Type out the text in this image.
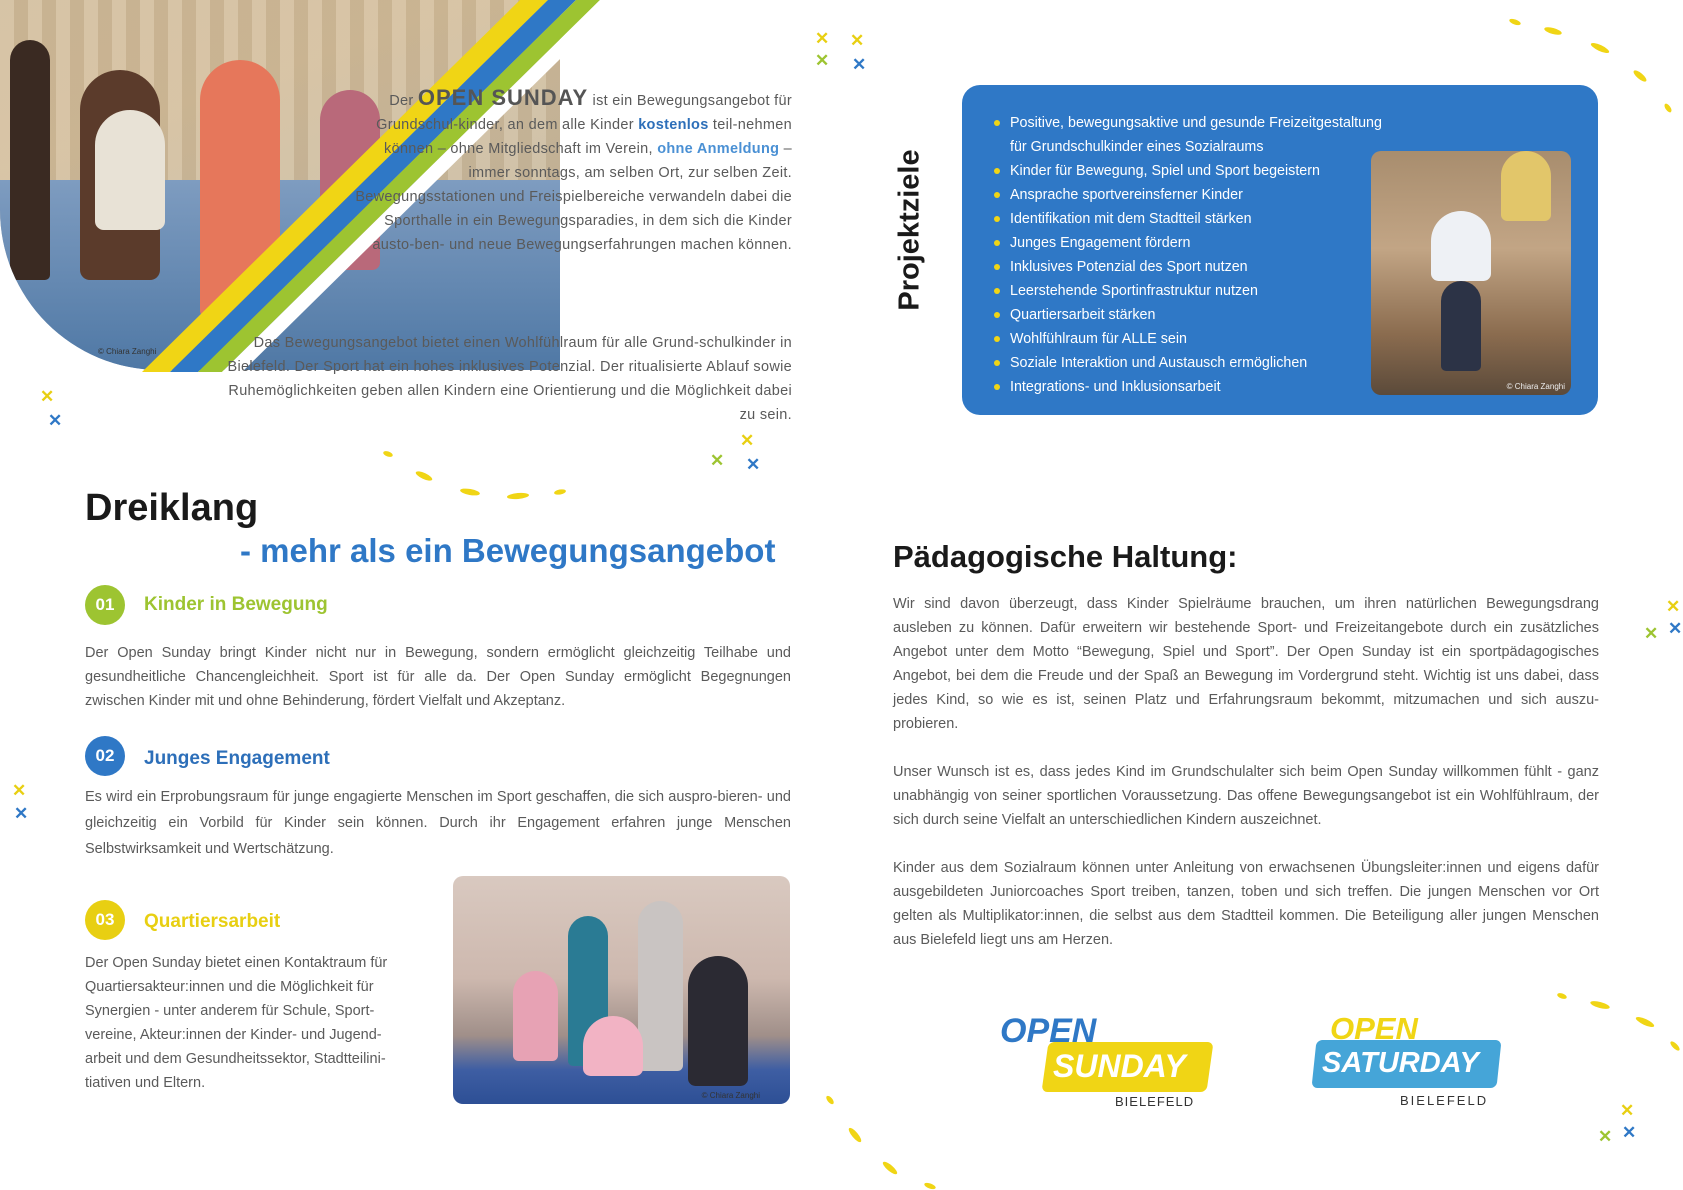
© Chiara Zanghi
Der OPEN SUNDAY ist ein Bewegungsangebot für Grundschul-kinder, an dem alle Kinder kostenlos teil-nehmen können – ohne Mitgliedschaft im Verein, ohne Anmeldung – immer sonntags, am selben Ort, zur selben Zeit. Bewegungsstationen und Freispielbereiche verwandeln dabei die Sporthalle in ein Bewegungsparadies, in dem sich die Kinder austo-ben- und neue Bewegungserfahrungen machen können.
Das Bewegungsangebot bietet einen Wohlfühlraum für alle Grund-schulkinder in Bielefeld. Der Sport hat ein hohes inklusives Potenzial. Der ritualisierte Ablauf sowie Ruhemöglichkeiten geben allen Kindern eine Orientierung und die Möglichkeit dabei zu sein.
Dreiklang
- mehr als ein Bewegungsangebot
01	Kinder in Bewegung
Der Open Sunday bringt Kinder nicht nur in Bewegung, sondern ermöglicht gleichzeitig Teilhabe und gesundheitliche Chancengleichheit. Sport ist für alle da. Der Open Sunday ermöglicht Begegnungen zwischen Kinder mit und ohne Behinderung, fördert Vielfalt und Akzeptanz.
02	Junges Engagement
Es wird ein Erprobungsraum für junge engagierte Menschen im Sport geschaffen, die sich auspro-bieren- und gleichzeitig ein Vorbild für Kinder sein können. Durch ihr Engagement erfahren junge Menschen Selbstwirksamkeit und Wertschätzung.
03	Quartiersarbeit
Der Open Sunday bietet einen Kontaktraum für Quartiersakteur:innen und die Möglichkeit für Synergien - unter anderem für Schule, Sport-vereine, Akteur:innen der Kinder- und Jugend-arbeit und dem Gesundheitssektor, Stadtteilini-tiativen und Eltern.
© Chiara Zanghi
Projektziele
Positive, bewegungsaktive und gesunde Freizeitgestaltung für Grundschulkinder eines Sozialraums
Kinder für Bewegung, Spiel und Sport begeistern
Ansprache sportvereinsferner Kinder
Identifikation mit dem Stadtteil stärken
Junges Engagement fördern
Inklusives Potenzial des Sport nutzen
Leerstehende Sportinfrastruktur nutzen
Quartiersarbeit stärken
Wohlfühlraum für ALLE sein
Soziale Interaktion und Austausch ermöglichen
Integrations- und Inklusionsarbeit	© Chiara Zanghi
Pädagogische Haltung:
Wir sind davon überzeugt, dass Kinder Spielräume brauchen, um ihren natürlichen Bewegungsdrang ausleben zu können. Dafür erweitern wir bestehende Sport- und Freizeitangebote durch ein zusätzliches Angebot unter dem Motto “Bewegung, Spiel und Sport”. Der Open Sunday ist ein sportpädagogisches Angebot, bei dem die Freude und der Spaß an Bewegung im Vordergrund steht. Wichtig ist uns dabei, dass jedes Kind, so wie es ist, seinen Platz und Erfahrungsraum bekommt, mitzumachen und sich auszu-probieren.
Unser Wunsch ist es, dass jedes Kind im Grundschulalter sich beim Open Sunday willkommen fühlt - ganz unabhängig von seiner sportlichen Voraussetzung. Das offene Bewegungsangebot ist ein Wohlfühlraum, der sich durch seine Vielfalt an unterschiedlichen Kindern auszeichnet.
Kinder aus dem Sozialraum können unter Anleitung von erwachsenen Übungsleiter:innen und eigens dafür ausgebildeten Juniorcoaches Sport treiben, tanzen, toben und sich treffen. Die jungen Menschen vor Ort gelten als Multiplikator:innen, die selbst aus dem Stadtteil kommen. Die Beteiligung aller jungen Menschen aus Bielefeld liegt uns am Herzen.
OPEN
SUNDAY
BIELEFELD
OPEN
SATURDAY
BIELEFELD
✕
✕
✕
✕
✕
✕
✕
✕ ✕
✕
✕
✕
✕ ✕
✕
✕ ✕
